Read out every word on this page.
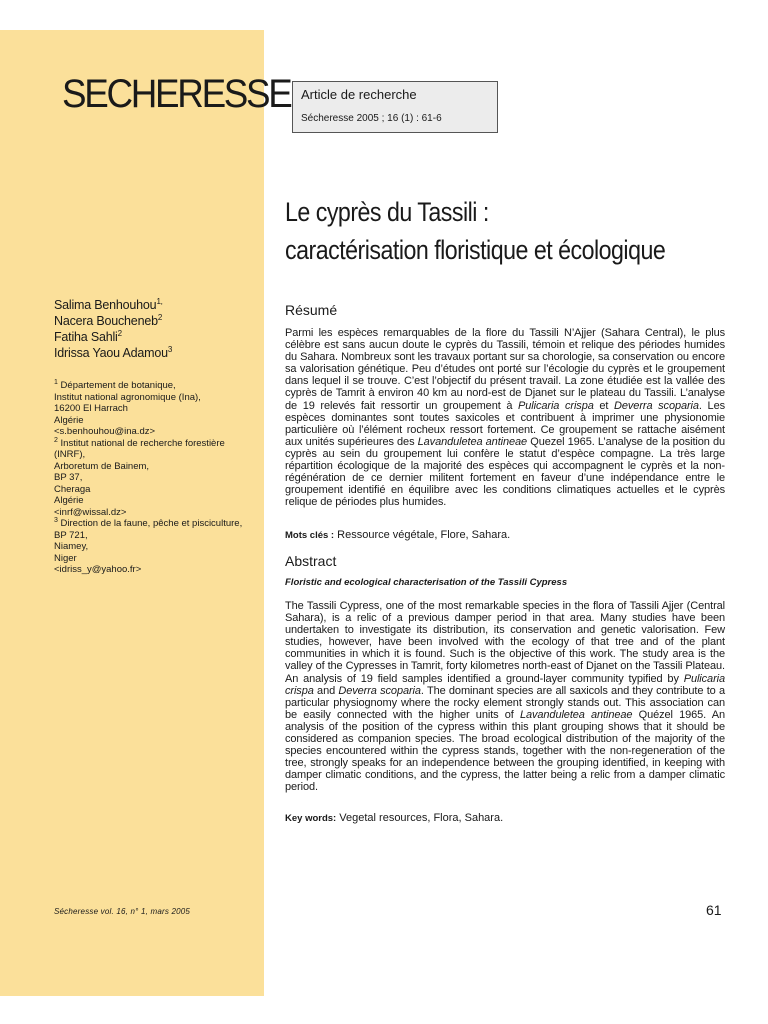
SECHERESSE Article de recherche
Sécheresse 2005 ; 16 (1) : 61-6
Le cyprès du Tassili :
caractérisation floristique et écologique
Salima Benhouhou$^{1,}$
Nacera Boucheneb$^2$
Fatiha Sahli$^2$
Idrissa Yaou Adamou$^3$
$^1$ Département de botanique,
Institut national agronomique (Ina),
16200 El Harrach
Algérie
<s.benhouhou@ina.dz>
$^2$ Institut national de recherche forestière
(INRF),
Arboretum de Bainem,
BP 37,
Cheraga
Algérie
<inrf@wissal.dz>
$^3$ Direction de la faune, pêche et pisciculture,
BP 721,
Niamey,
Niger
<idriss_y@yahoo.fr>
Résumé

Parmi les espèces remarquables de la flore du Tassili N’Ajjer (Sahara Central), le plus célèbre est sans aucun doute le cyprès du Tassili, témoin et relique des périodes humides du Sahara. Nombreux sont les travaux portant sur sa chorologie, sa conservation ou encore sa valorisation génétique. Peu d’études ont porté sur l’écologie du cyprès et le groupement dans lequel il se trouve. C’est l’objectif du présent travail. La zone étudiée est la vallée des cyprès de Tamrit à environ 40 km au nord-est de Djanet sur le plateau du Tassili. L’analyse de 19 relevés fait ressortir un groupement à Pulicaria crispa et Deverra scoparia. Les espèces dominantes sont toutes saxicoles et contribuent à imprimer une physionomie particulière où l’élément rocheux ressort fortement. Ce groupement se rattache aisément aux unités supérieures des Lavanduletea antineae Quezel 1965. L’analyse de la position du cyprès au sein du groupement lui confère le statut d’espèce compagne. La très large répartition écologique de la majorité des espèces qui accompagnent le cyprès et la non-régénération de ce dernier militent fortement en faveur d’une indépendance entre le groupement identifié en équilibre avec les conditions climatiques actuelles et le cyprès relique de périodes plus humides.

Mots clés : Ressource végétale, Flore, Sahara.

Abstract

Floristic and ecological characterisation of the Tassili Cypress

The Tassili Cypress, one of the most remarkable species in the flora of Tassili Ajjer (Central Sahara), is a relic of a previous damper period in that area. Many studies have been undertaken to investigate its distribution, its conservation and genetic valorisation. Few studies, however, have been involved with the ecology of that tree and of the plant communities in which it is found. Such is the objective of this work. The study area is the valley of the Cypresses in Tamrit, forty kilometres north-east of Djanet on the Tassili Plateau. An analysis of 19 field samples identified a ground-layer community typified by Pulicaria crispa and Deverra scoparia. The dominant species are all saxicols and they contribute to a particular physiognomy where the rocky element strongly stands out. This association can be easily connected with the higher units of Lavanduletea antineae Quézel 1965. An analysis of the position of the cypress within this plant grouping shows that it should be considered as companion species. The broad ecological distribution of the majority of the species encountered within the cypress stands, together with the non-regeneration of the tree, strongly speaks for an independence between the grouping identified, in keeping with damper climatic conditions, and the cypress, the latter being a relic from a damper climatic period.

Key words: Vegetal resources, Flora, Sahara.

Sécheresse vol. 16, n° 1, mars 2005	61
